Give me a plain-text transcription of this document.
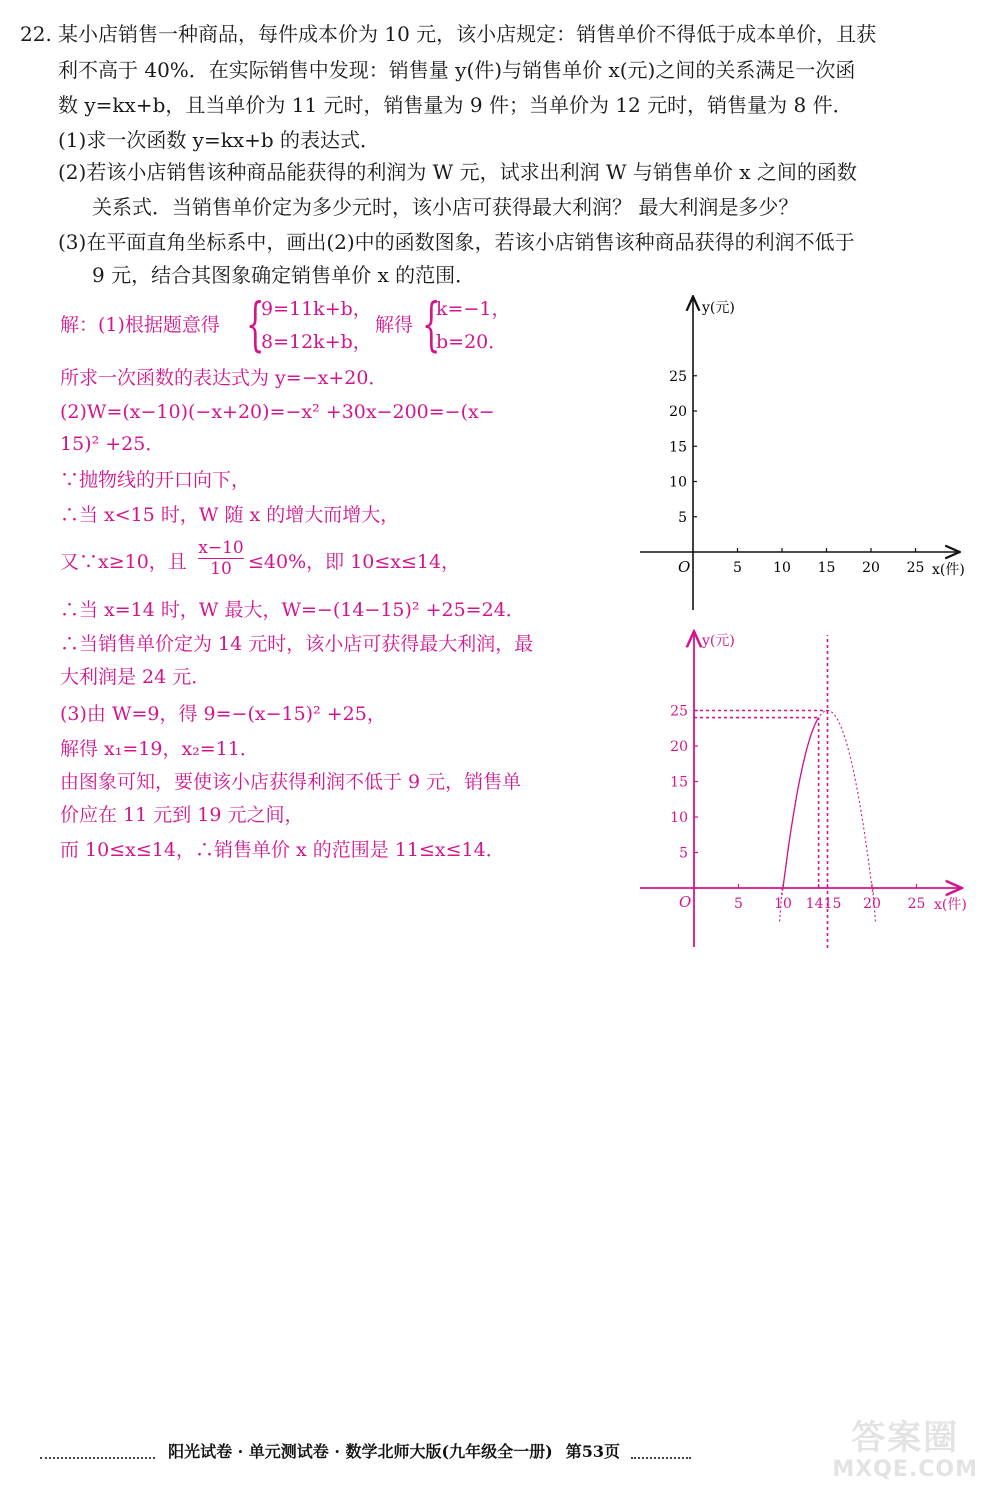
22. 某小店销售一种商品，每件成本价为 10 元，该小店规定：销售单价不得低于成本单价，且获
利不高于 40%．在实际销售中发现：销售量 y(件)与销售单价 x(元)之间的关系满足一次函
数 y=kx+b，且当单价为 11 元时，销售量为 9 件；当单价为 12 元时，销售量为 8 件．
(1)求一次函数 y=kx+b 的表达式．
(2)若该小店销售该种商品能获得的利润为 W 元，试求出利润 W 与销售单价 x 之间的函数
关系式．当销售单价定为多少元时，该小店可获得最大利润？ 最大利润是多少？
(3)在平面直角坐标系中，画出(2)中的函数图象，若该小店销售该种商品获得的利润不低于
9 元，结合其图象确定销售单价 x 的范围．
解：(1)根据题意得 {
9=11k+b，
8=12k+b，
解得 {
k=−1，
b=20．
所求一次函数的表达式为 y=−x+20．
(2)W=(x−10)(−x+20)=−x² +30x−200=−(x−
15)² +25．
∵抛物线的开口向下，
∴当 x<15 时，W 随 x 的增大而增大，
又∵x≥10，且 $\frac{x-10}{10} \le 40\%$，即 10≤x≤14，
∴当 x=14 时，W 最大，W=−(14−15)² +25=24．
∴当销售单价定为 14 元时，该小店可获得最大利润，最
大利润是 24 元．
(3)由 W=9，得 9=−(x−15)² +25，
解得 x₁=19，x₂=11．
由图象可知，要使该小店获得利润不低于 9 元，销售单
价应在 11 元到 19 元之间，
而 10≤x≤14，∴销售单价 x 的范围是 11≤x≤14．
5 10 15 20 25
5
10
15
20
25
y(元)
x(件)
O
5 10 14 15 20 25
5
10
15
20
25
y(元)
x(件)
O
阳光试卷 · 单元测试卷 · 数学北师大版(九年级全一册) 第53页	答案圈
MXQE.COM
